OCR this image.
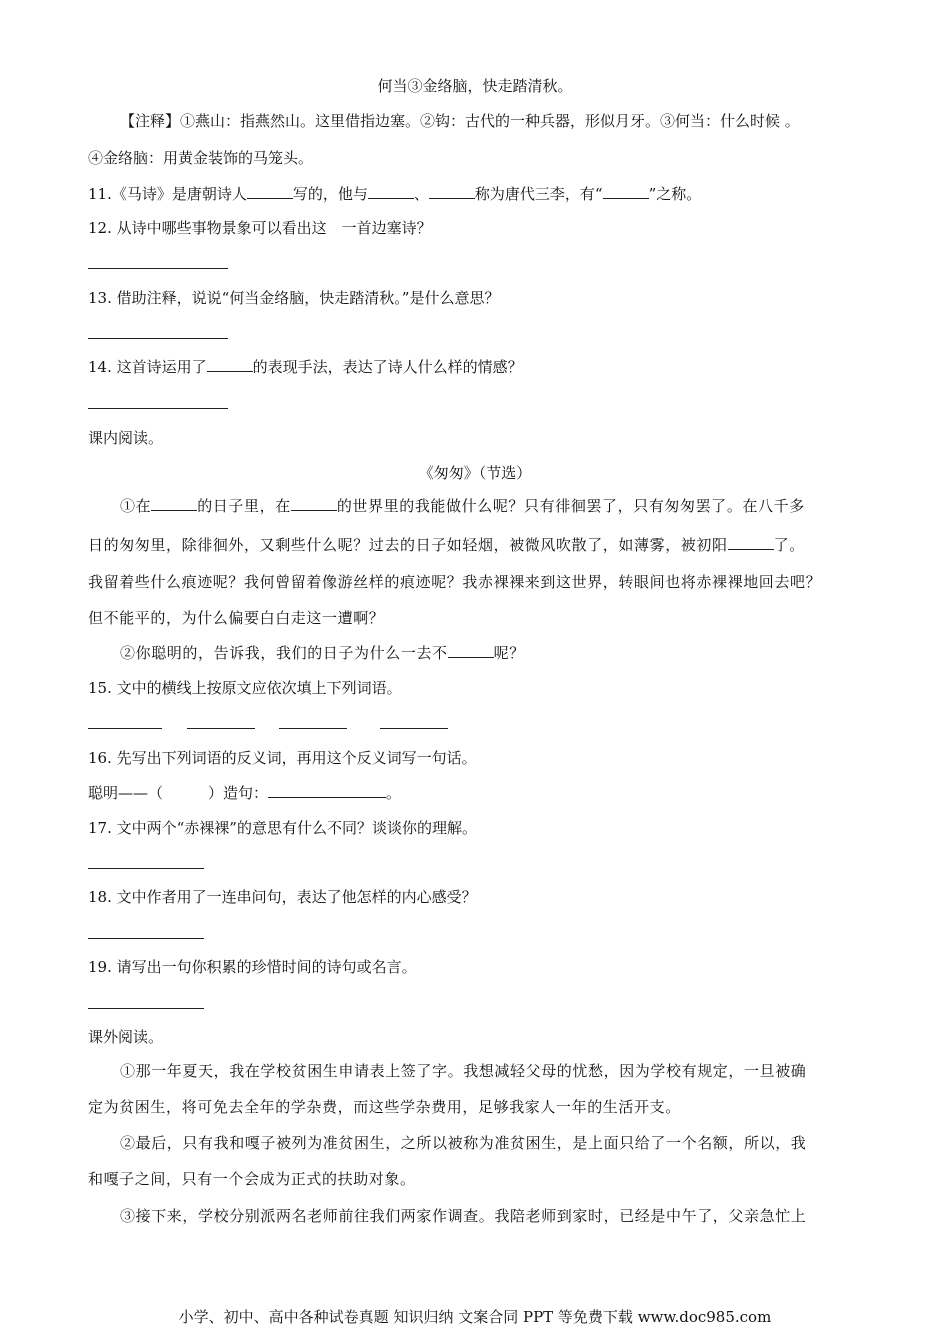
何当③金络脑，快走踏清秋。
【注释】①燕山：指燕然山。这里借指边塞。②钩：古代的一种兵器，形似月牙。③何当：什么时候 。
④金络脑：用黄金装饰的马笼头。
11.《马诗》是唐朝诗人	写的，他与	、	称为唐代三李，有“	”之称。
12. 从诗中哪些事物景象可以看出这　一首边塞诗？
13. 借助注释，说说“何当金络脑，快走踏清秋。”是什么意思？
14. 这首诗运用了	的表现手法，表达了诗人什么样的情感？
课内阅读。
《匆匆》（节选）
①在	的日子里，在	的世界里的我能做什么呢？只有徘徊罢了，只有匆匆罢了。在八千多
日的匆匆里，除徘徊外，又剩些什么呢？过去的日子如轻烟，被微风吹散了，如薄雾，被初阳	了。
我留着些什么痕迹呢？我何曾留着像游丝样的痕迹呢？我赤裸裸来到这世界，转眼间也将赤裸裸地回去吧？
但不能平的，为什么偏要白白走这一遭啊？
②你聪明的，告诉我，我们的日子为什么一去不	呢？
15. 文中的横线上按原文应依次填上下列词语。
16. 先写出下列词语的反义词，再用这个反义词写一句话。
聪明——（　　　）造句：	。
17. 文中两个“赤裸裸”的意思有什么不同？谈谈你的理解。
18. 文中作者用了一连串问句，表达了他怎样的内心感受？
19. 请写出一句你积累的珍惜时间的诗句或名言。
课外阅读。
①那一年夏天，我在学校贫困生申请表上签了字。我想减轻父母的忧愁，因为学校有规定，一旦被确
定为贫困生，将可免去全年的学杂费，而这些学杂费用，足够我家人一年的生活开支。
②最后，只有我和嘎子被列为准贫困生，之所以被称为准贫困生，是上面只给了一个名额，所以，我
和嘎子之间，只有一个会成为正式的扶助对象。
③接下来，学校分别派两名老师前往我们两家作调查。我陪老师到家时，已经是中午了，父亲急忙上
小学、初中、高中各种试卷真题 知识归纳 文案合同 PPT 等免费下载 www.doc985.com
